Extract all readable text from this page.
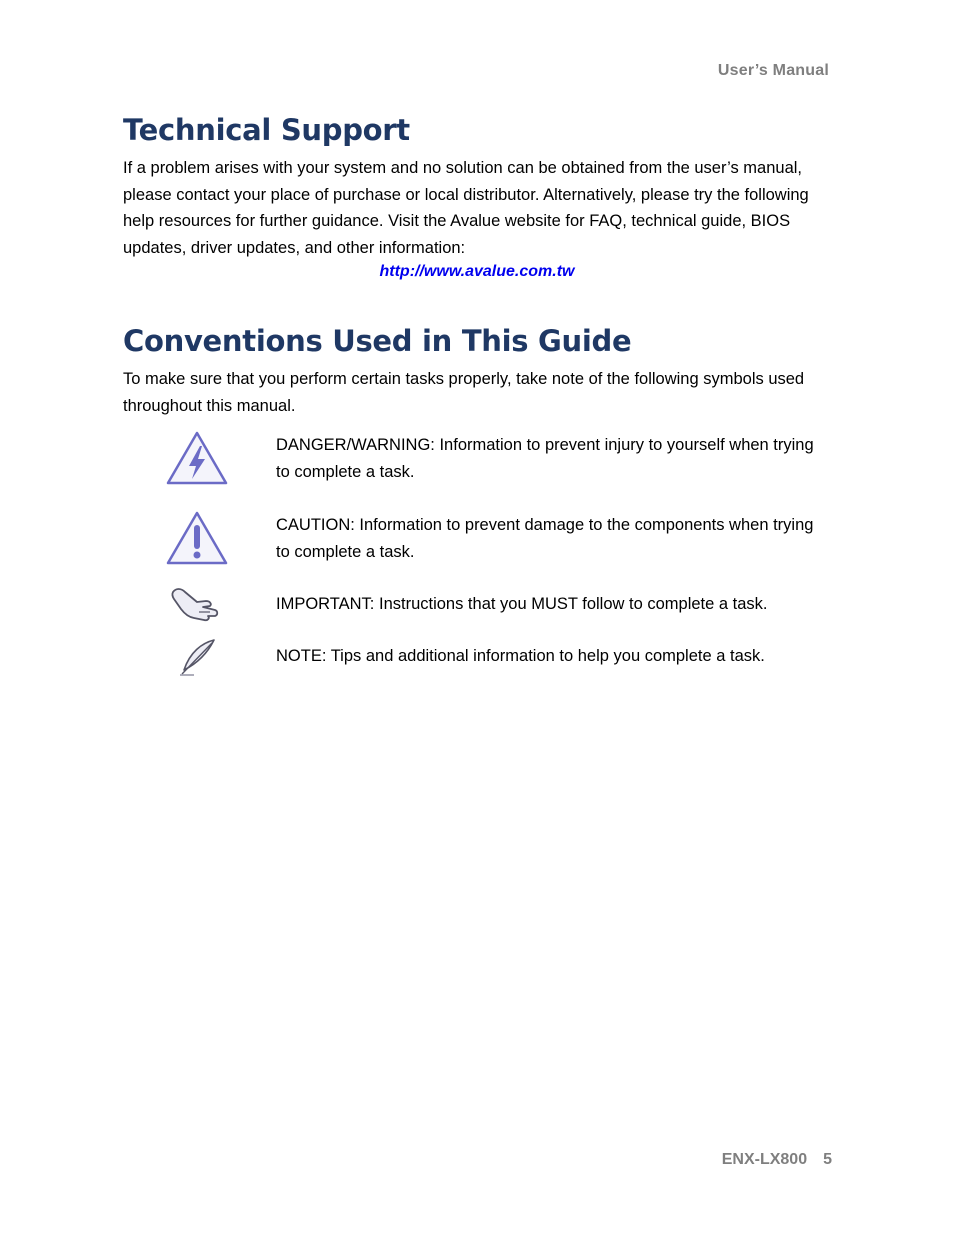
User’s Manual
Technical Support

If a problem arises with your system and no solution can be obtained from the user’s manual, please contact your place of purchase or local distributor. Alternatively, please try the following help resources for further guidance. Visit the Avalue website for FAQ, technical guide, BIOS updates, driver updates, and other information:

http://www.avalue.com.tw
Conventions Used in This Guide

To make sure that you perform certain tasks properly, take note of the following symbols used throughout this manual.

DANGER/WARNING: Information to prevent injury to yourself when trying to complete a task.

CAUTION: Information to prevent damage to the components when trying to complete a task.

IMPORTANT: Instructions that you MUST follow to complete a task.

NOTE: Tips and additional information to help you complete a task.

ENX-LX800 5
